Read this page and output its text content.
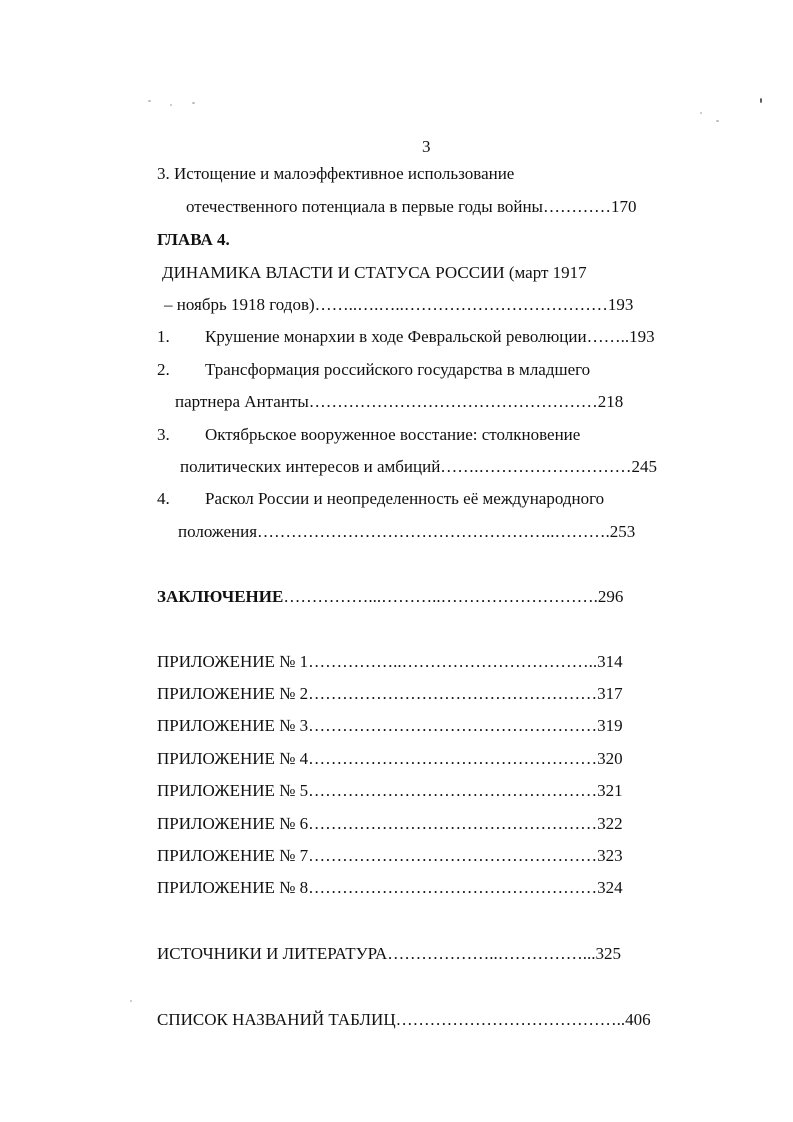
3
3. Истощение и малоэффективное использование
отечественного потенциала в первые годы войны…………170
ГЛАВА 4.
ДИНАМИКА ВЛАСТИ И СТАТУСА РОССИИ (март 1917
– ноябрь 1918 годов)……..….…..………………………………193
1. Крушение монархии в ходе Февральской революции……..193
2. Трансформация российского государства в младшего
партнера Антанты……………………………………………218
3. Октябрьское вооруженное восстание: столкновение
политических интересов и амбиций…….………………………245
4. Раскол России и неопределенность её международного
положения……………………………………………..……….253
ЗАКЛЮЧЕНИЕ……………...………..……………………….296
ПРИЛОЖЕНИЕ № 1……………..……………………………..314
ПРИЛОЖЕНИЕ № 2……………………………………………317
ПРИЛОЖЕНИЕ № 3……………………………………………319
ПРИЛОЖЕНИЕ № 4……………………………………………320
ПРИЛОЖЕНИЕ № 5……………………………………………321
ПРИЛОЖЕНИЕ № 6……………………………………………322
ПРИЛОЖЕНИЕ № 7……………………………………………323
ПРИЛОЖЕНИЕ № 8……………………………………………324
ИСТОЧНИКИ И ЛИТЕРАТУРА………………..……………...325
СПИСОК НАЗВАНИЙ ТАБЛИЦ…………………………………..406
